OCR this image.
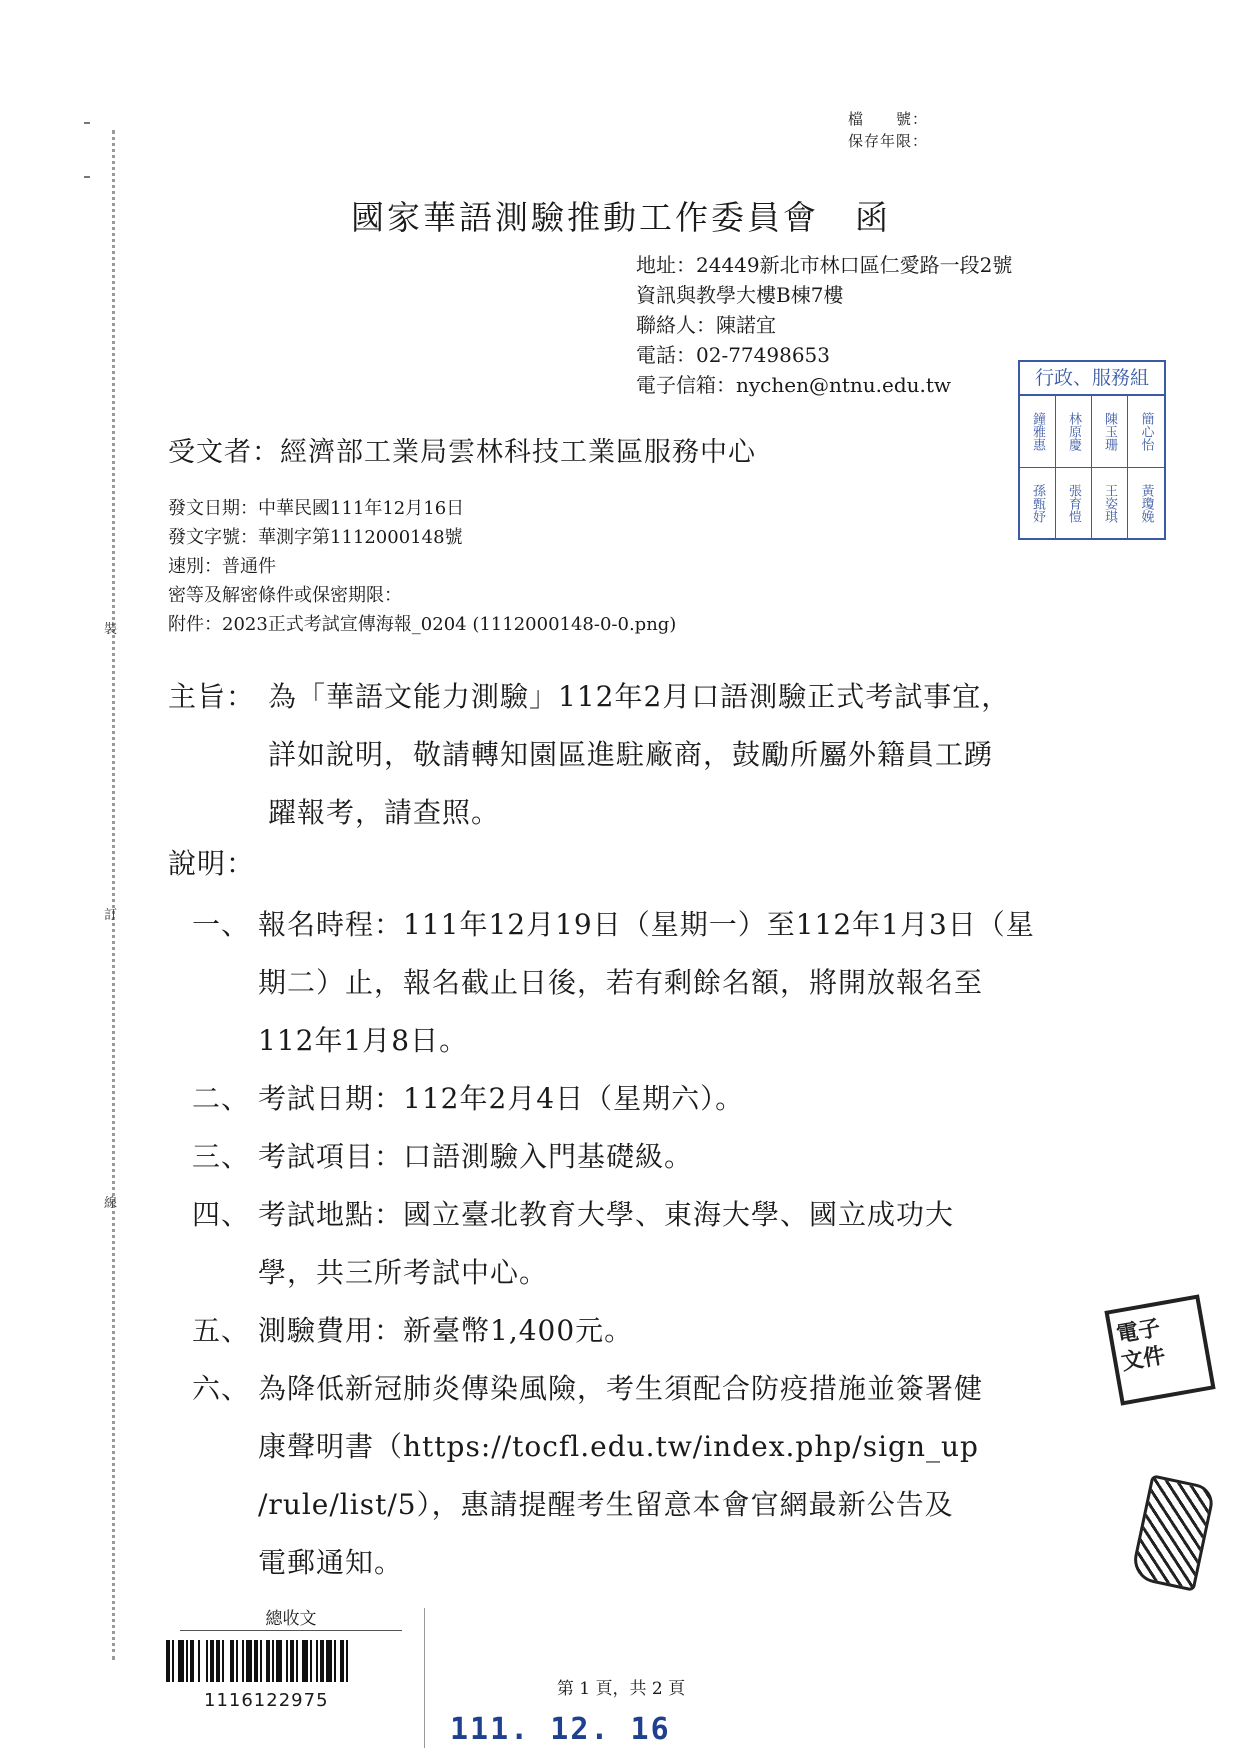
裝
訂
線
檔　　號：
保存年限：
國家華語測驗推動工作委員會　函
地址：24449新北市林口區仁愛路一段2號
資訊與教學大樓B棟7樓
聯絡人：陳諾宜
電話：02-77498653
電子信箱：nychen@ntnu.edu.tw	行政、服務組
鐘雅惠	林原慶	陳玉珊	簡心怡
孫甄妤	張育愷	王姿琪	黃瓊娩
受文者：經濟部工業局雲林科技工業區服務中心
發文日期：中華民國111年12月16日
發文字號：華測字第1112000148號
速別：普通件
密等及解密條件或保密期限：
附件：2023正式考試宣傳海報_0204 (1112000148-0-0.png)
主旨： 為「華語文能力測驗」112年2月口語測驗正式考試事宜，
詳如說明，敬請轉知園區進駐廠商，鼓勵所屬外籍員工踴
躍報考，請查照。
說明：
一、 報名時程：111年12月19日（星期一）至112年1月3日（星
期二）止，報名截止日後，若有剩餘名額，將開放報名至
112年1月8日。
二、 考試日期：112年2月4日（星期六）。
三、 考試項目：口語測驗入門基礎級。
四、 考試地點：國立臺北教育大學、東海大學、國立成功大
學，共三所考試中心。
五、 測驗費用：新臺幣1,400元。
六、 為降低新冠肺炎傳染風險，考生須配合防疫措施並簽署健
康聲明書（https://tocfl.edu.tw/index.php/sign_up
/rule/list/5），惠請提醒考生留意本會官網最新公告及
電郵通知。
電子
文件
總收文
1116122975
第 1 頁，共 2 頁
111. 12. 16
